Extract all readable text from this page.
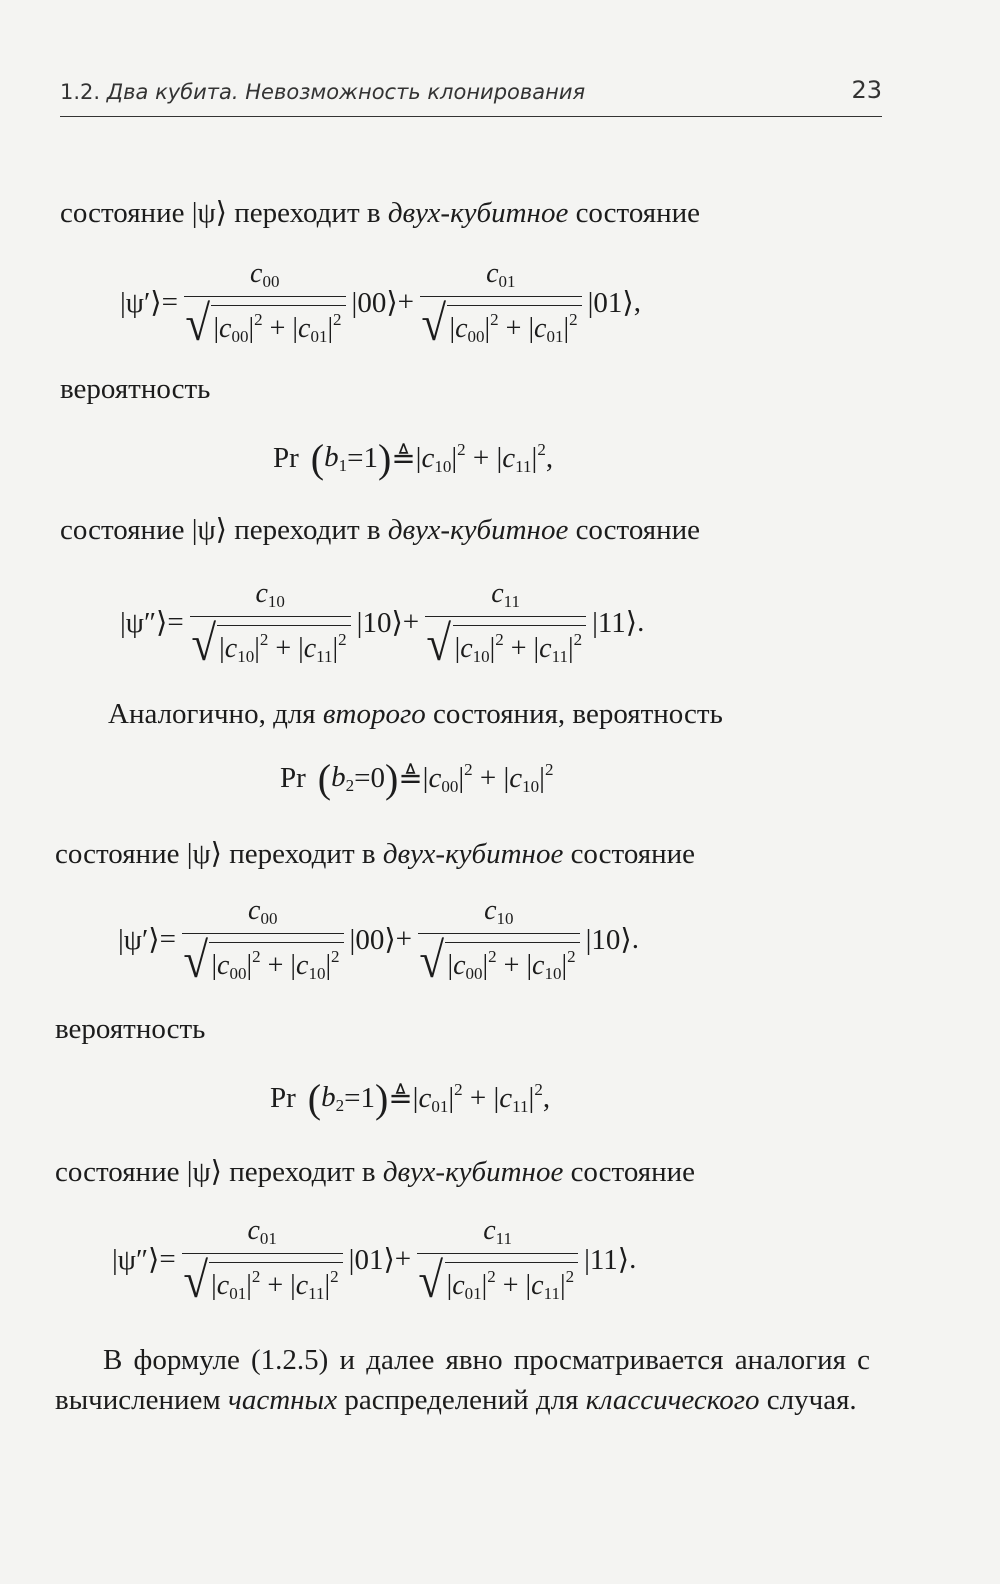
1.2. Два кубита. Невозможность клонирования	23
состояние |ψ⟩ переходит в двух-кубитное состояние
вероятность
состояние |ψ⟩ переходит в двух-кубитное состояние
Аналогично, для второго состояния, вероятность
состояние |ψ⟩ переходит в двух-кубитное состояние
вероятность
состояние |ψ⟩ переходит в двух-кубитное состояние
|ψ′⟩ = $\frac{c_{00}}{√ |c_{00}|^2 + |c_{01}|^2}$ |00⟩ + $\frac{c_{01}}{√ |c_{00}|^2 + |c_{01}|^2}$ |01⟩ ,
|ψ″⟩ = $\frac{c_{10}}{√ |c_{10}|^2 + |c_{11}|^2}$ |10⟩ + $\frac{c_{11}}{√ |c_{10}|^2 + |c_{11}|^2}$ |11⟩ .
|ψ′⟩ = $\frac{c_{00}}{√ |c_{00}|^2 + |c_{10}|^2}$ |00⟩ + $\frac{c_{10}}{√ |c_{00}|^2 + |c_{10}|^2}$ |10⟩ .
|ψ″⟩ = $\frac{c_{01}}{√ |c_{01}|^2 + |c_{11}|^2}$ |01⟩ + $\frac{c_{11}}{√ |c_{01}|^2 + |c_{11}|^2}$ |11⟩ .
Pr ( $b_1 = 1$ ) ≜ $|c_{10}|^2 + |c_{11}|^2$ ,
Pr ( $b_2 = 0$ ) ≜ $|c_{00}|^2 + |c_{10}|^2$
Pr ( $b_2 = 1$ ) ≜ $|c_{01}|^2 + |c_{11}|^2$ ,
В формуле (1.2.5) и далее явно просматривается аналогия с вычислением частных распределений для классического случая.
